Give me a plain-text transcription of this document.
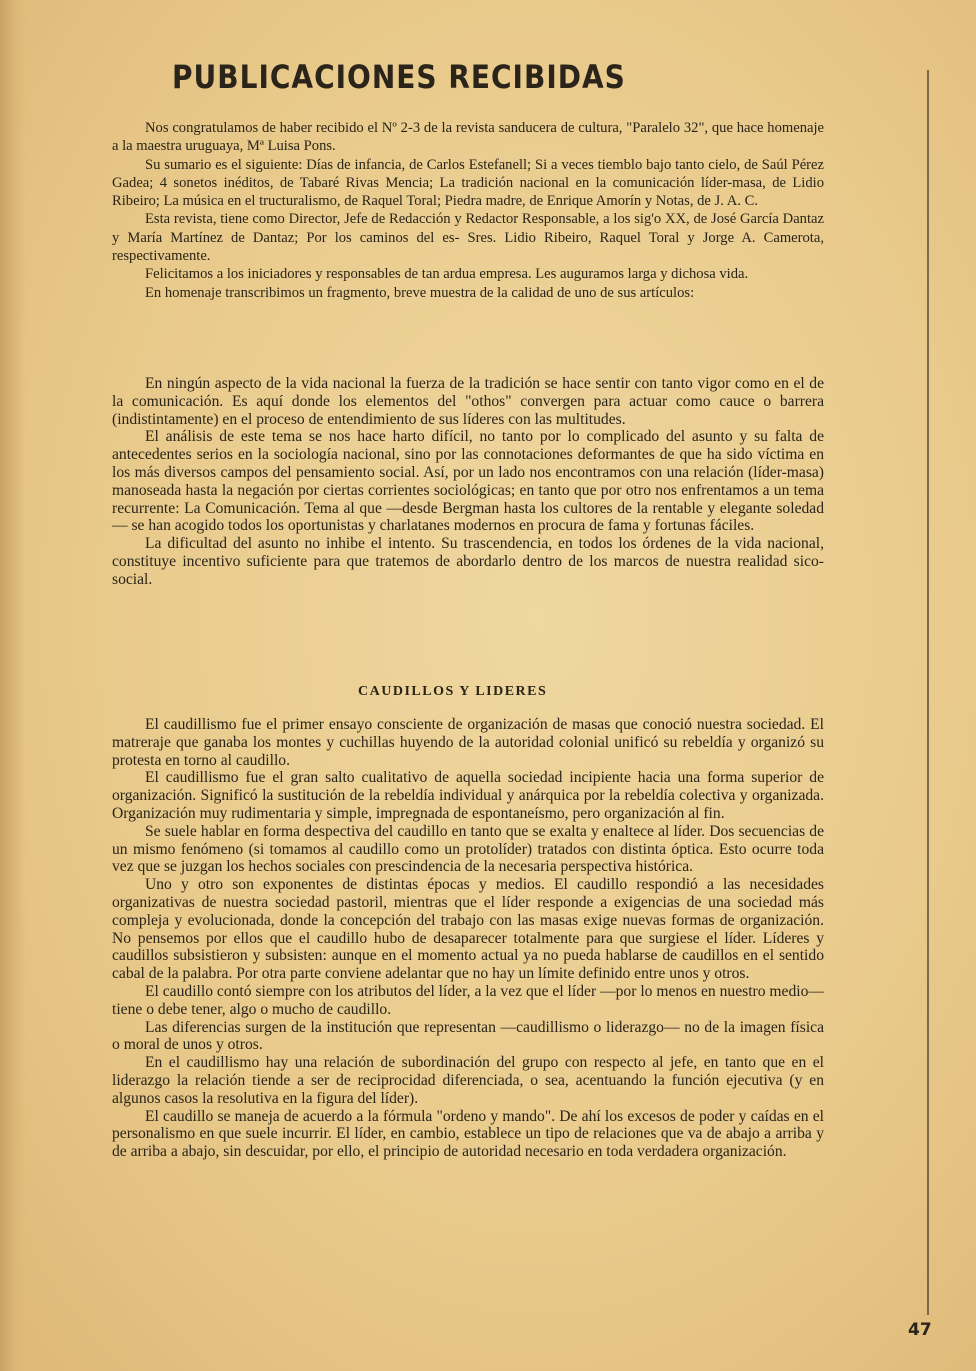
PUBLICACIONES RECIBIDAS

Nos congratulamos de haber recibido el Nº 2-3 de la revista sanducera de cultura, "Paralelo 32", que hace homenaje a la maestra uruguaya, Mª Luisa Pons.

Su sumario es el siguiente: Días de infancia, de Carlos Estefanell; Si a veces tiemblo bajo tanto cielo, de Saúl Pérez Gadea; 4 sonetos inéditos, de Tabaré Rivas Mencia; La tradición nacional en la comunicación líder-masa, de Lidio Ribeiro; La música en el tructuralismo, de Raquel Toral; Piedra madre, de Enrique Amorín y Notas, de J. A. C.

Esta revista, tiene como Director, Jefe de Redacción y Redactor Responsable, a los sig'o XX, de José García Dantaz y María Martínez de Dantaz; Por los caminos del es- Sres. Lidio Ribeiro, Raquel Toral y Jorge A. Camerota, respectivamente.

Felicitamos a los iniciadores y responsables de tan ardua empresa. Les auguramos larga y dichosa vida.

En homenaje transcribimos un fragmento, breve muestra de la calidad de uno de sus artículos:

En ningún aspecto de la vida nacional la fuerza de la tradición se hace sentir con tanto vigor como en el de la comunicación. Es aquí donde los elementos del "othos" convergen para actuar como cauce o barrera (indistintamente) en el proceso de entendimiento de sus líderes con las multitudes.

El análisis de este tema se nos hace harto difícil, no tanto por lo complicado del asunto y su falta de antecedentes serios en la sociología nacional, sino por las connotaciones deformantes de que ha sido víctima en los más diversos campos del pensamiento social. Así, por un lado nos encontramos con una relación (líder-masa) manoseada hasta la negación por ciertas corrientes sociológicas; en tanto que por otro nos enfrentamos a un tema recurrente: La Comunicación. Tema al que —desde Bergman hasta los cultores de la rentable y elegante soledad— se han acogido todos los oportunistas y charlatanes modernos en procura de fama y fortunas fáciles.

La dificultad del asunto no inhibe el intento. Su trascendencia, en todos los órdenes de la vida nacional, constituye incentivo suficiente para que tratemos de abordarlo dentro de los marcos de nuestra realidad sico-social.

CAUDILLOS Y LIDERES

El caudillismo fue el primer ensayo consciente de organización de masas que conoció nuestra sociedad. El matreraje que ganaba los montes y cuchillas huyendo de la autoridad colonial unificó su rebeldía y organizó su protesta en torno al caudillo.

El caudillismo fue el gran salto cualitativo de aquella sociedad incipiente hacia una forma superior de organización. Significó la sustitución de la rebeldía individual y anárquica por la rebeldía colectiva y organizada. Organización muy rudimentaria y simple, impregnada de espontaneísmo, pero organización al fin.

Se suele hablar en forma despectiva del caudillo en tanto que se exalta y enaltece al líder. Dos secuencias de un mismo fenómeno (si tomamos al caudillo como un protolíder) tratados con distinta óptica. Esto ocurre toda vez que se juzgan los hechos sociales con prescindencia de la necesaria perspectiva histórica.

Uno y otro son exponentes de distintas épocas y medios. El caudillo respondió a las necesidades organizativas de nuestra sociedad pastoril, mientras que el líder responde a exigencias de una sociedad más compleja y evolucionada, donde la concepción del trabajo con las masas exige nuevas formas de organización. No pensemos por ellos que el caudillo hubo de desaparecer totalmente para que surgiese el líder. Líderes y caudillos subsistieron y subsisten: aunque en el momento actual ya no pueda hablarse de caudillos en el sentido cabal de la palabra. Por otra parte conviene adelantar que no hay un límite definido entre unos y otros.

El caudillo contó siempre con los atributos del líder, a la vez que el líder —por lo menos en nuestro medio— tiene o debe tener, algo o mucho de caudillo.

Las diferencias surgen de la institución que representan —caudillismo o liderazgo— no de la imagen física o moral de unos y otros.

En el caudillismo hay una relación de subordinación del grupo con respecto al jefe, en tanto que en el liderazgo la relación tiende a ser de reciprocidad diferenciada, o sea, acentuando la función ejecutiva (y en algunos casos la resolutiva en la figura del líder).

El caudillo se maneja de acuerdo a la fórmula "ordeno y mando". De ahí los excesos de poder y caídas en el personalismo en que suele incurrir. El líder, en cambio, establece un tipo de relaciones que va de abajo a arriba y de arriba a abajo, sin descuidar, por ello, el principio de autoridad necesario en toda verdadera organización.

47
